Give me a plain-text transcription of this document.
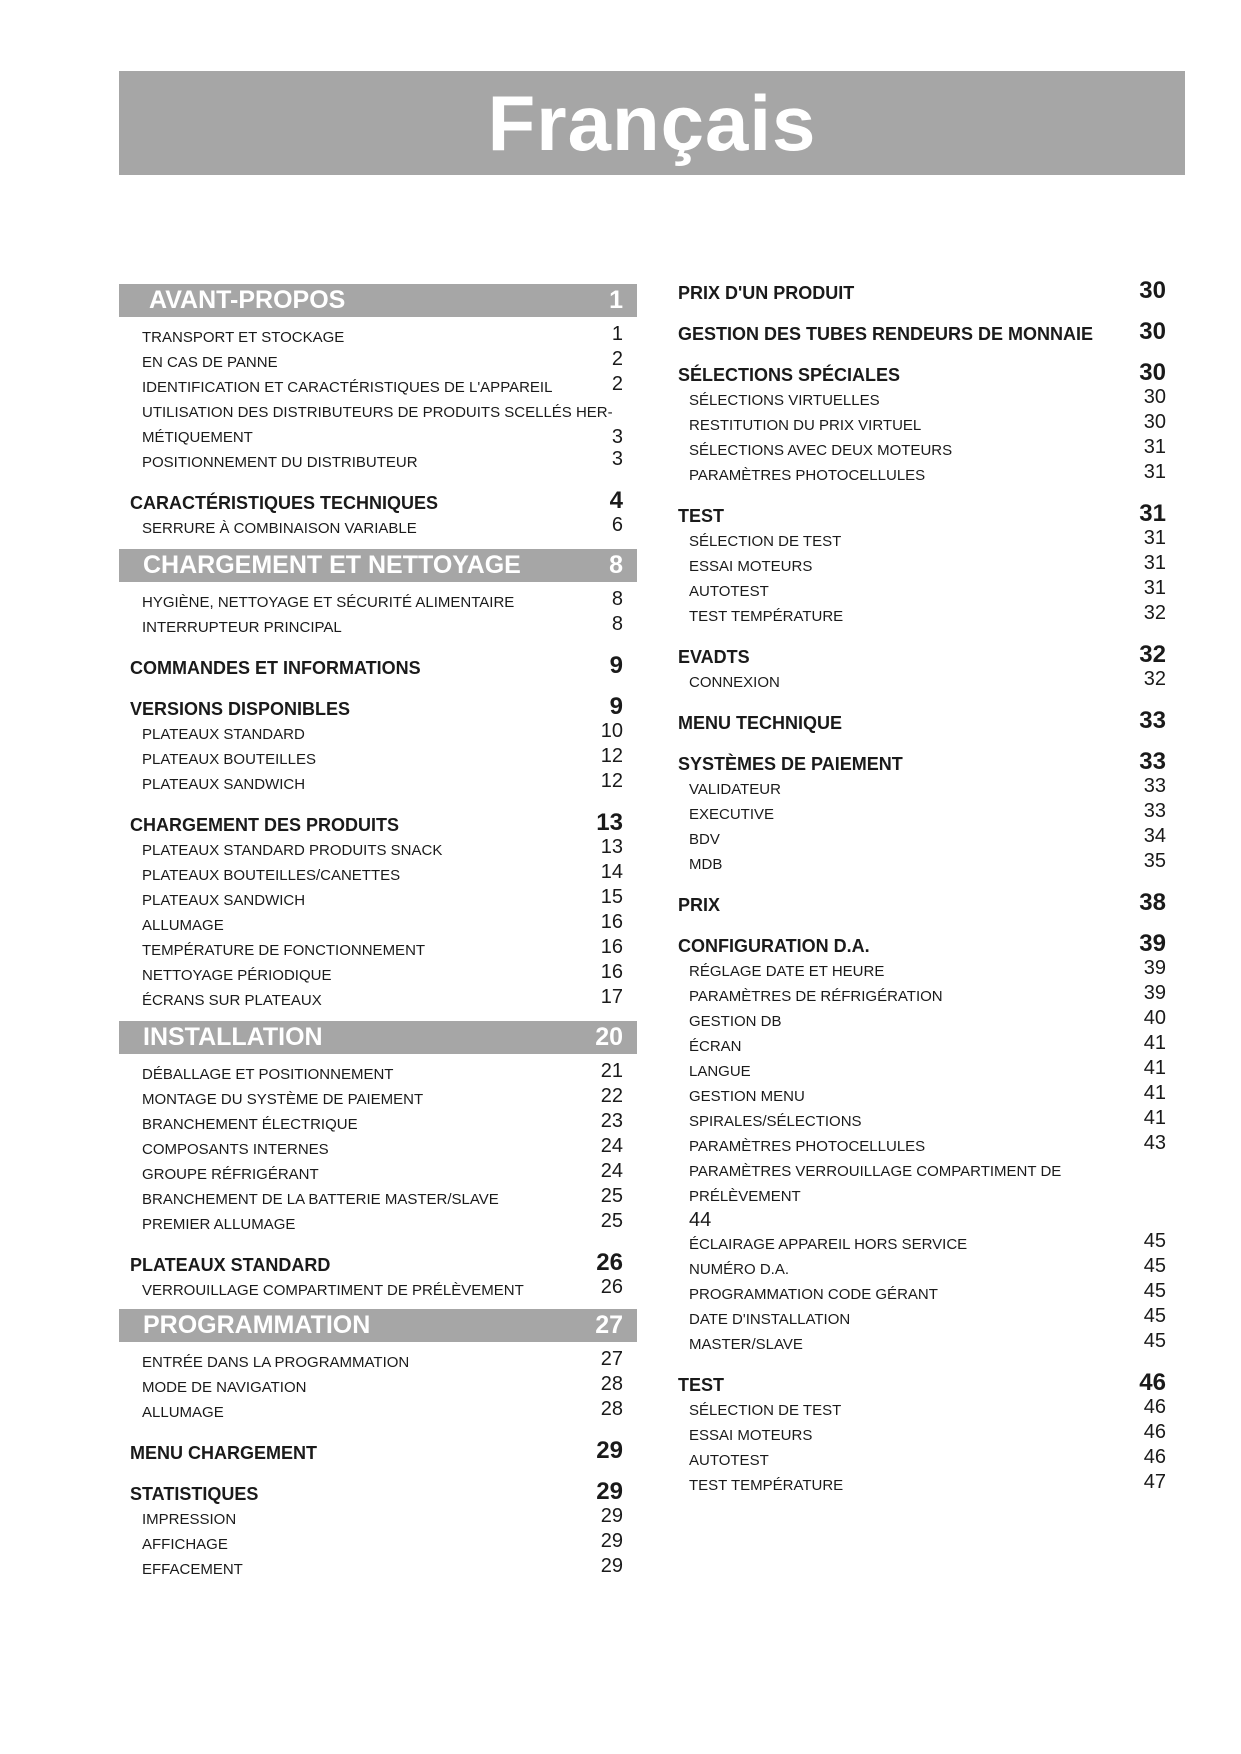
Français
AVANT-PROPOS	1
TRANSPORT ET STOCKAGE	1
EN CAS DE PANNE	2
IDENTIFICATION ET CARACTÉRISTIQUES DE L'APPAREIL	2
UTILISATION DES DISTRIBUTEURS DE PRODUITS SCELLÉS HER-
MÉTIQUEMENT	3
POSITIONNEMENT DU DISTRIBUTEUR	3
CARACTÉRISTIQUES TECHNIQUES	4
SERRURE À COMBINAISON VARIABLE	6
CHARGEMENT ET NETTOYAGE	8
HYGIÈNE, NETTOYAGE ET SÉCURITÉ ALIMENTAIRE	8
INTERRUPTEUR PRINCIPAL	8
COMMANDES ET INFORMATIONS	9
VERSIONS DISPONIBLES	9
PLATEAUX STANDARD	10
PLATEAUX BOUTEILLES	12
PLATEAUX SANDWICH	12
CHARGEMENT DES PRODUITS	13
PLATEAUX STANDARD PRODUITS SNACK	13
PLATEAUX BOUTEILLES/CANETTES	14
PLATEAUX SANDWICH	15
ALLUMAGE	16
TEMPÉRATURE DE FONCTIONNEMENT	16
NETTOYAGE PÉRIODIQUE	16
ÉCRANS SUR PLATEAUX	17
INSTALLATION	20
DÉBALLAGE ET POSITIONNEMENT	21
MONTAGE DU SYSTÈME DE PAIEMENT	22
BRANCHEMENT ÉLECTRIQUE	23
COMPOSANTS INTERNES	24
GROUPE RÉFRIGÉRANT	24
BRANCHEMENT DE LA BATTERIE MASTER/SLAVE	25
PREMIER ALLUMAGE	25
PLATEAUX STANDARD	26
VERROUILLAGE COMPARTIMENT DE PRÉLÈVEMENT	26
PROGRAMMATION	27
ENTRÉE DANS LA PROGRAMMATION	27
MODE DE NAVIGATION	28
ALLUMAGE	28
MENU CHARGEMENT	29
STATISTIQUES	29
IMPRESSION	29
AFFICHAGE	29
EFFACEMENT	29
PRIX D'UN PRODUIT	30
GESTION DES TUBES RENDEURS DE MONNAIE	30
SÉLECTIONS SPÉCIALES	30
SÉLECTIONS VIRTUELLES	30
RESTITUTION DU PRIX VIRTUEL	30
SÉLECTIONS AVEC DEUX MOTEURS	31
PARAMÈTRES PHOTOCELLULES	31
TEST	31
SÉLECTION DE TEST	31
ESSAI MOTEURS	31
AUTOTEST	31
TEST TEMPÉRATURE	32
EVADTS	32
CONNEXION	32
MENU TECHNIQUE	33
SYSTÈMES DE PAIEMENT	33
VALIDATEUR	33
EXECUTIVE	33
BDV	34
MDB	35
PRIX	38
CONFIGURATION D.A.	39
RÉGLAGE DATE ET HEURE	39
PARAMÈTRES DE RÉFRIGÉRATION	39
GESTION DB	40
ÉCRAN	41
LANGUE	41
GESTION MENU	41
SPIRALES/SÉLECTIONS	41
PARAMÈTRES PHOTOCELLULES	43
PARAMÈTRES VERROUILLAGE COMPARTIMENT DE PRÉLÈVEMENT
44
ÉCLAIRAGE APPAREIL HORS SERVICE	45
NUMÉRO D.A.	45
PROGRAMMATION CODE GÉRANT	45
DATE D'INSTALLATION	45
MASTER/SLAVE	45
TEST	46
SÉLECTION DE TEST	46
ESSAI MOTEURS	46
AUTOTEST	46
TEST TEMPÉRATURE	47
